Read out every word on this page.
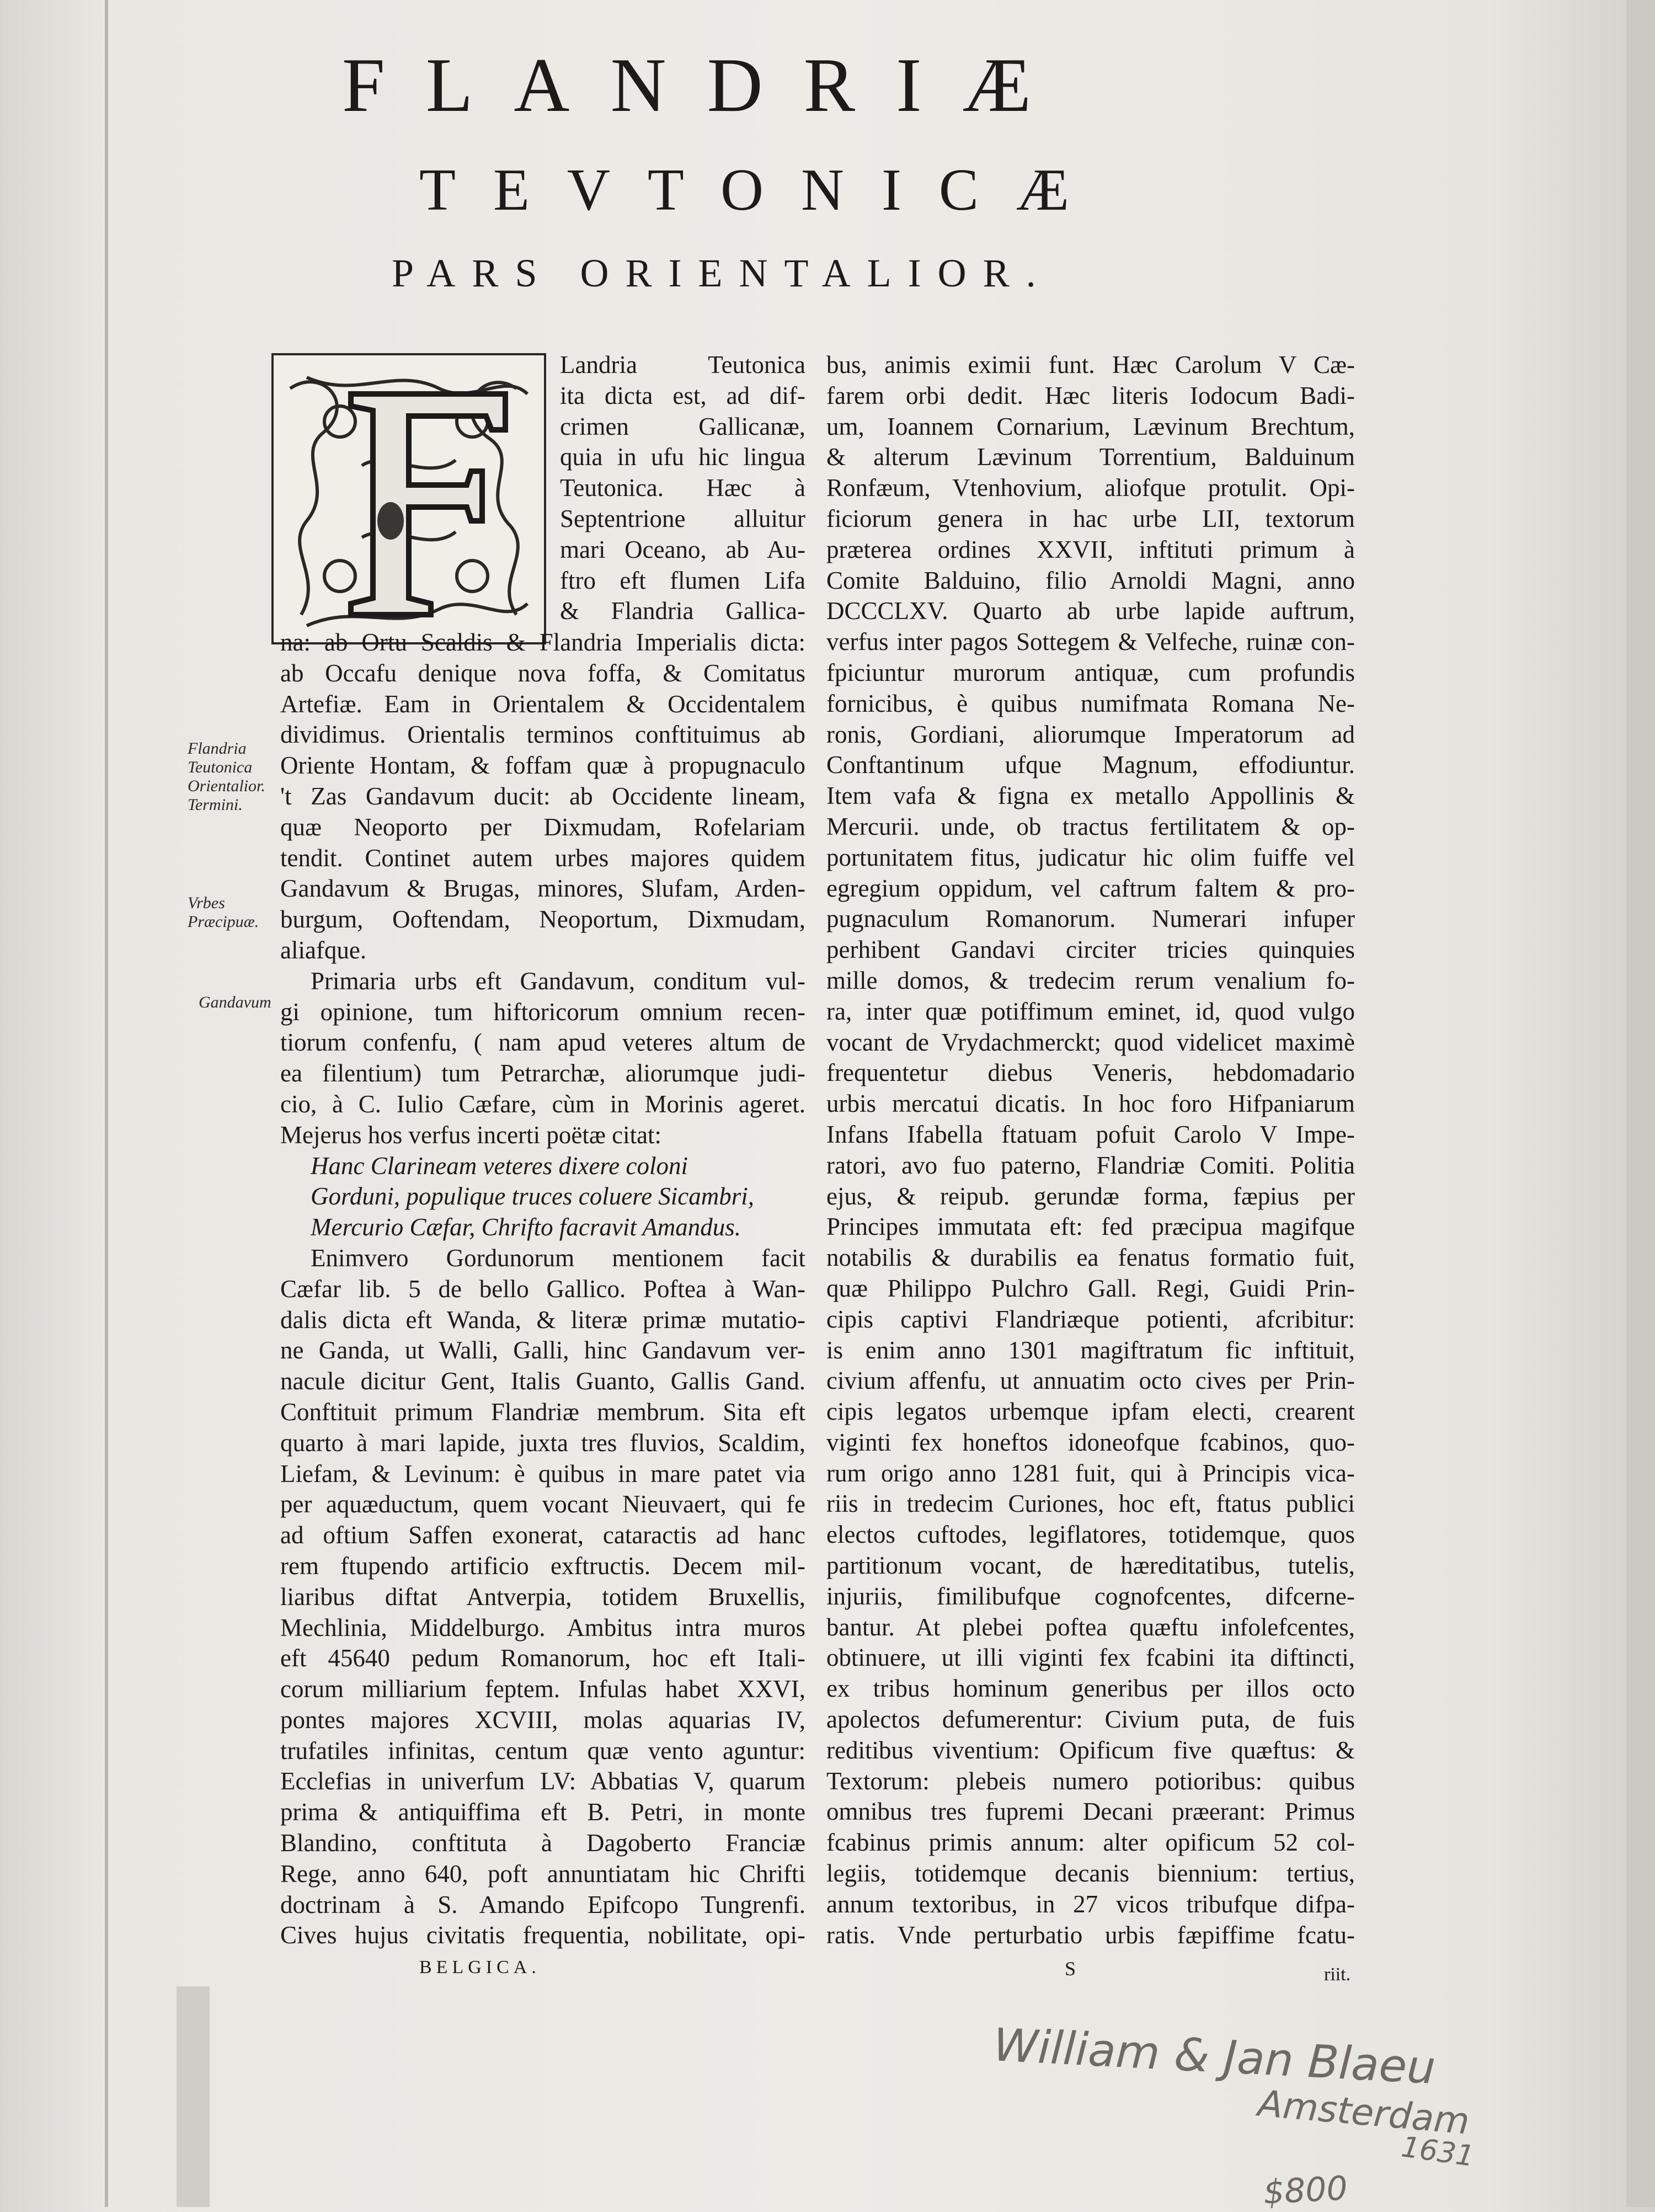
FLANDRIÆ
TEVTONICÆ
PARS ORIENTALIOR.
Flandria Teutonica Orientalior. Termini.
Vrbes Præcipuæ.
Gandavum
Landria Teutonica
ita dicta est, ad dif-
crimen Gallicanæ,
quia in ufu hic lingua
Teutonica. Hæc à
Septentrione alluitur
mari Oceano, ab Au-
ftro eft flumen Lifa
& Flandria Gallica-
na: ab Ortu Scaldis & Flandria Imperialis dicta:
ab Occafu denique nova foffa, & Comitatus
Artefiæ. Eam in Orientalem & Occidentalem
dividimus. Orientalis terminos conftituimus ab
Oriente Hontam, & foffam quæ à propugnaculo
't Zas Gandavum ducit: ab Occidente lineam,
quæ Neoporto per Dixmudam, Rofelariam
tendit. Continet autem urbes majores quidem
Gandavum & Brugas, minores, Slufam, Arden-
burgum, Ooftendam, Neoportum, Dixmudam,
aliafque.
Primaria urbs eft Gandavum, conditum vul-
gi opinione, tum hiftoricorum omnium recen-
tiorum confenfu, ( nam apud veteres altum de
ea filentium) tum Petrarchæ, aliorumque judi-
cio, à C. Iulio Cæfare, cùm in Morinis ageret.
Mejerus hos verfus incerti poëtæ citat:
Hanc Clarineam veteres dixere coloni
Gorduni, populique truces coluere Sicambri,
Mercurio Cæfar, Chrifto facravit Amandus.
Enimvero Gordunorum mentionem facit
Cæfar lib. 5 de bello Gallico. Poftea à Wan-
dalis dicta eft Wanda, & literæ primæ mutatio-
ne Ganda, ut Walli, Galli, hinc Gandavum ver-
nacule dicitur Gent, Italis Guanto, Gallis Gand.
Conftituit primum Flandriæ membrum. Sita eft
quarto à mari lapide, juxta tres fluvios, Scaldim,
Liefam, & Levinum: è quibus in mare patet via
per aquæductum, quem vocant Nieuvaert, qui fe
ad oftium Saffen exonerat, cataractis ad hanc
rem ftupendo artificio exftructis. Decem mil-
liaribus diftat Antverpia, totidem Bruxellis,
Mechlinia, Middelburgo. Ambitus intra muros
eft 45640 pedum Romanorum, hoc eft Itali-
corum milliarium feptem. Infulas habet XXVI,
pontes majores XCVIII, molas aquarias IV,
trufatiles infinitas, centum quæ vento aguntur:
Ecclefias in univerfum LV: Abbatias V, quarum
prima & antiquiffima eft B. Petri, in monte
Blandino, conftituta à Dagoberto Franciæ
Rege, anno 640, poft annuntiatam hic Chrifti
doctrinam à S. Amando Epifcopo Tungrenfi.
Cives hujus civitatis frequentia, nobilitate, opi-
bus, animis eximii funt. Hæc Carolum V Cæ-
farem orbi dedit. Hæc literis Iodocum Badi-
um, Ioannem Cornarium, Lævinum Brechtum,
& alterum Lævinum Torrentium, Balduinum
Ronfæum, Vtenhovium, aliofque protulit. Opi-
ficiorum genera in hac urbe LII, textorum
præterea ordines XXVII, inftituti primum à
Comite Balduino, filio Arnoldi Magni, anno
DCCCLXV. Quarto ab urbe lapide auftrum,
verfus inter pagos Sottegem & Velfeche, ruinæ con-
fpiciuntur murorum antiquæ, cum profundis
fornicibus, è quibus numifmata Romana Ne-
ronis, Gordiani, aliorumque Imperatorum ad
Conftantinum ufque Magnum, effodiuntur.
Item vafa & figna ex metallo Appollinis &
Mercurii. unde, ob tractus fertilitatem & op-
portunitatem fitus, judicatur hic olim fuiffe vel
egregium oppidum, vel caftrum faltem & pro-
pugnaculum Romanorum. Numerari infuper
perhibent Gandavi circiter tricies quinquies
mille domos, & tredecim rerum venalium fo-
ra, inter quæ potiffimum eminet, id, quod vulgo
vocant de Vrydachmerckt; quod videlicet maximè
frequentetur diebus Veneris, hebdomadario
urbis mercatui dicatis. In hoc foro Hifpaniarum
Infans Ifabella ftatuam pofuit Carolo V Impe-
ratori, avo fuo paterno, Flandriæ Comiti. Politia
ejus, & reipub. gerundæ forma, fæpius per
Principes immutata eft: fed præcipua magifque
notabilis & durabilis ea fenatus formatio fuit,
quæ Philippo Pulchro Gall. Regi, Guidi Prin-
cipis captivi Flandriæque potienti, afcribitur:
is enim anno 1301 magiftratum fic inftituit,
civium affenfu, ut annuatim octo cives per Prin-
cipis legatos urbemque ipfam electi, crearent
viginti fex honeftos idoneofque fcabinos, quo-
rum origo anno 1281 fuit, qui à Principis vica-
riis in tredecim Curiones, hoc eft, ftatus publici
electos cuftodes, legiflatores, totidemque, quos
partitionum vocant, de hæreditatibus, tutelis,
injuriis, fimilibufque cognofcentes, difcerne-
bantur. At plebei poftea quæftu infolefcentes,
obtinuere, ut illi viginti fex fcabini ita diftincti,
ex tribus hominum generibus per illos octo
apolectos defumerentur: Civium puta, de fuis
reditibus viventium: Opificum five quæftus: &
Textorum: plebeis numero potioribus: quibus
omnibus tres fupremi Decani præerant: Primus
fcabinus primis annum: alter opificum 52 col-
legiis, totidemque decanis biennium: tertius,
annum textoribus, in 27 vicos tribufque difpa-
ratis. Vnde perturbatio urbis fæpiffime fcatu-
BELGICA.	S	riit.
William & Jan Blaeu
Amsterdam
1631
$800
